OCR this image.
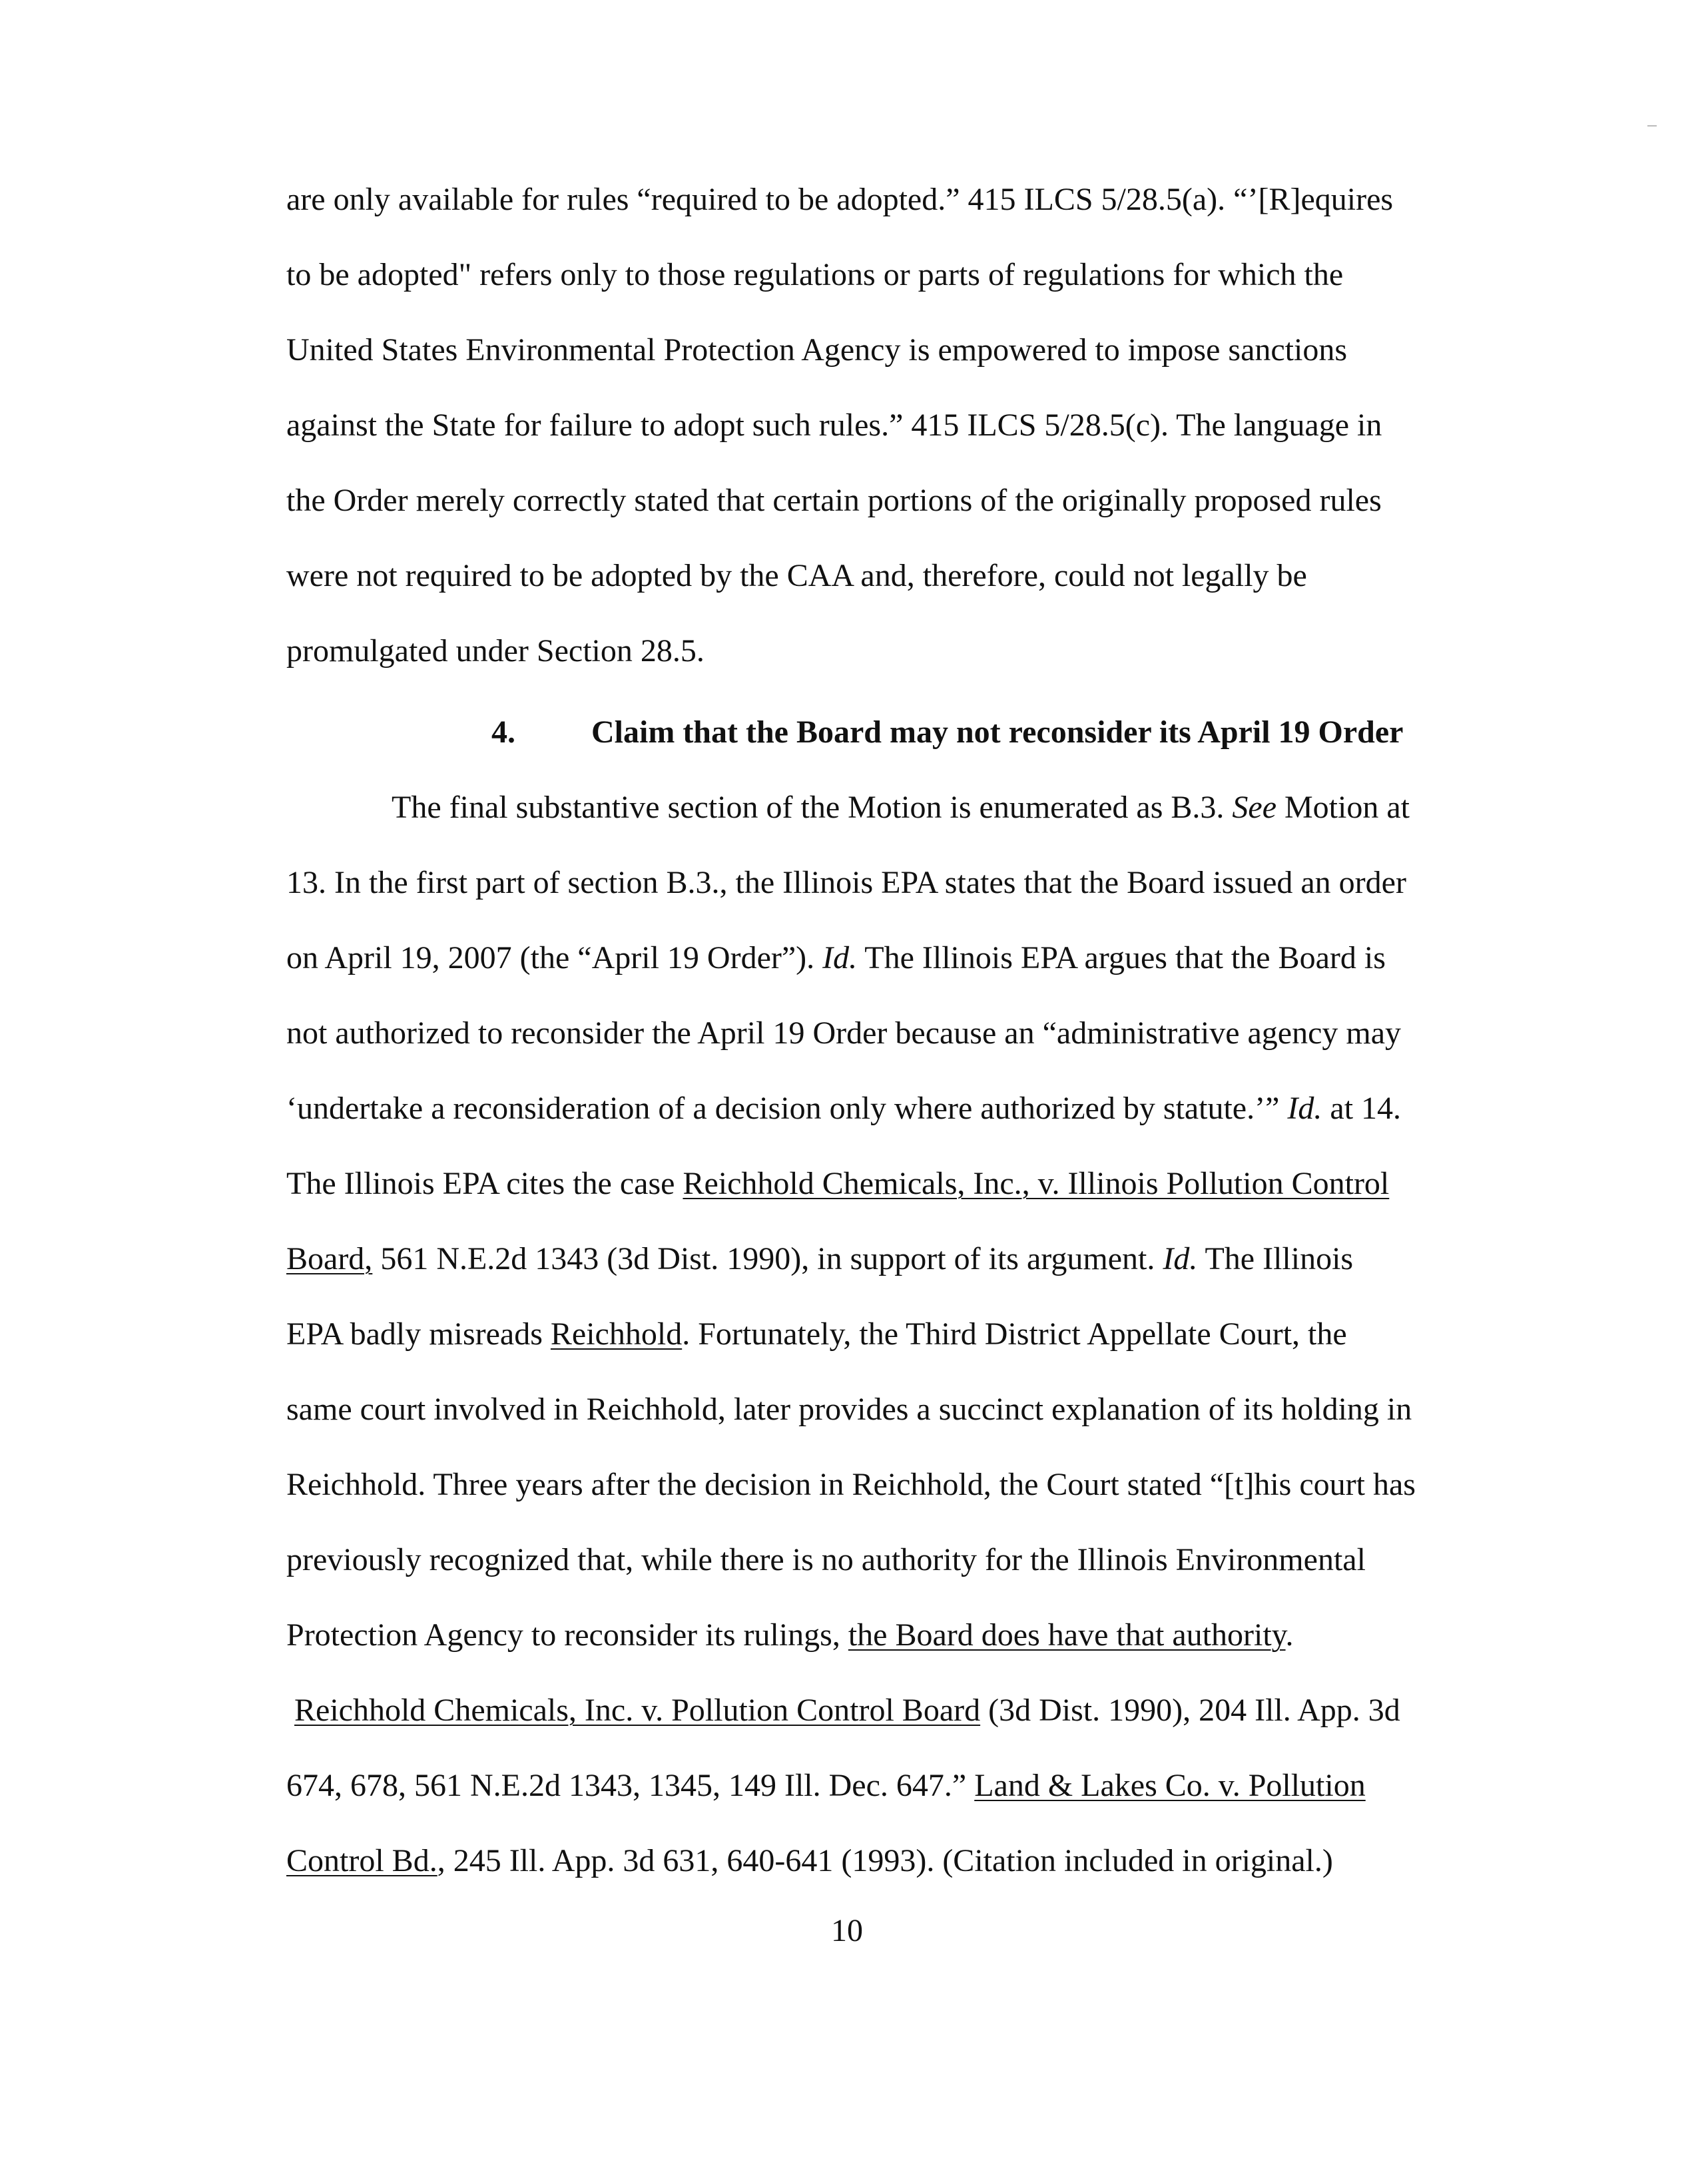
are only available for rules “required to be adopted.” 415 ILCS 5/28.5(a). “’[R]equires
to be adopted" refers only to those regulations or parts of regulations for which the
United States Environmental Protection Agency is empowered to impose sanctions
against the State for failure to adopt such rules.” 415 ILCS 5/28.5(c). The language in
the Order merely correctly stated that certain portions of the originally proposed rules
were not required to be adopted by the CAA and, therefore, could not legally be
promulgated under Section 28.5.
4. Claim that the Board may not reconsider its April 19 Order
The final substantive section of the Motion is enumerated as B.3. See Motion at
13. In the first part of section B.3., the Illinois EPA states that the Board issued an order
on April 19, 2007 (the “April 19 Order”). Id. The Illinois EPA argues that the Board is
not authorized to reconsider the April 19 Order because an “administrative agency may
‘undertake a reconsideration of a decision only where authorized by statute.’” Id. at 14.
The Illinois EPA cites the case Reichhold Chemicals, Inc., v. Illinois Pollution Control
Board, 561 N.E.2d 1343 (3d Dist. 1990), in support of its argument. Id. The Illinois
EPA badly misreads Reichhold. Fortunately, the Third District Appellate Court, the
same court involved in Reichhold, later provides a succinct explanation of its holding in
Reichhold. Three years after the decision in Reichhold, the Court stated “[t]his court has
previously recognized that, while there is no authority for the Illinois Environmental
Protection Agency to reconsider its rulings, the Board does have that authority.
Reichhold Chemicals, Inc. v. Pollution Control Board (3d Dist. 1990), 204 Ill. App. 3d
674, 678, 561 N.E.2d 1343, 1345, 149 Ill. Dec. 647.” Land & Lakes Co. v. Pollution
Control Bd., 245 Ill. App. 3d 631, 640-641 (1993). (Citation included in original.)
10
